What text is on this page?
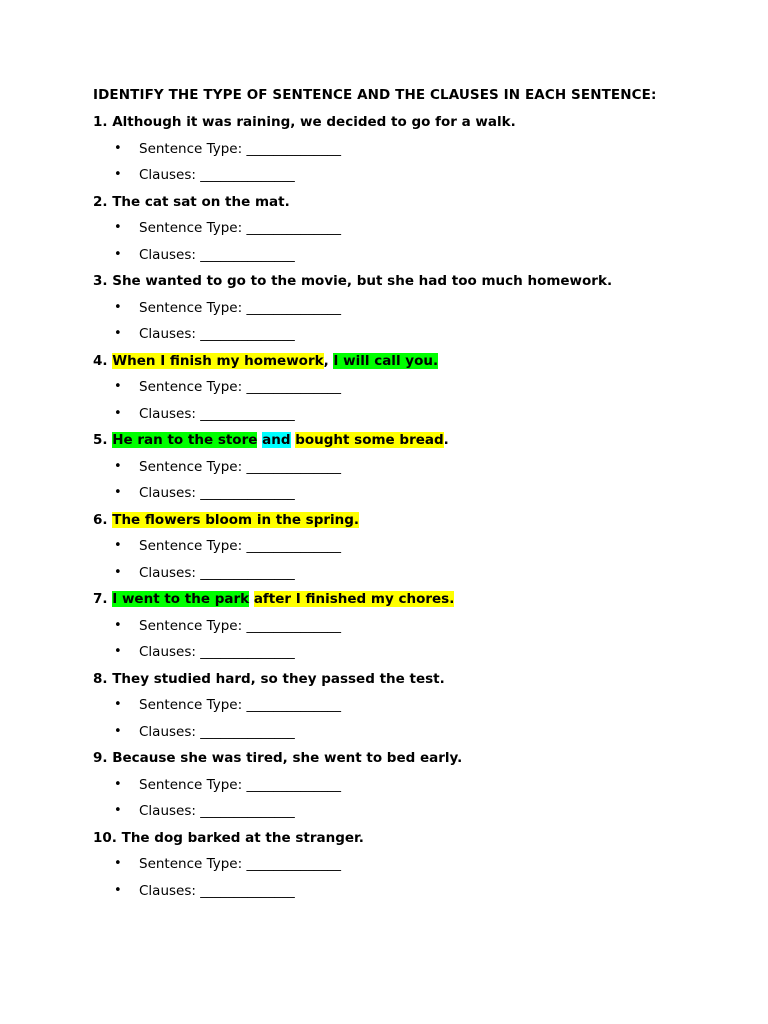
IDENTIFY THE TYPE OF SENTENCE AND THE CLAUSES IN EACH SENTENCE:
1. Although it was raining, we decided to go for a walk.
• Sentence Type: ______________
• Clauses: ______________
2. The cat sat on the mat.
• Sentence Type: ______________
• Clauses: ______________
3. She wanted to go to the movie, but she had too much homework.
• Sentence Type: ______________
• Clauses: ______________
4. When I finish my homework, I will call you.
• Sentence Type: ______________
• Clauses: ______________
5. He ran to the store and bought some bread.
• Sentence Type: ______________
• Clauses: ______________
6. The flowers bloom in the spring.
• Sentence Type: ______________
• Clauses: ______________
7. I went to the park after I finished my chores.
• Sentence Type: ______________
• Clauses: ______________
8. They studied hard, so they passed the test.
• Sentence Type: ______________
• Clauses: ______________
9. Because she was tired, she went to bed early.
• Sentence Type: ______________
• Clauses: ______________
10. The dog barked at the stranger.
• Sentence Type: ______________
• Clauses: ______________
